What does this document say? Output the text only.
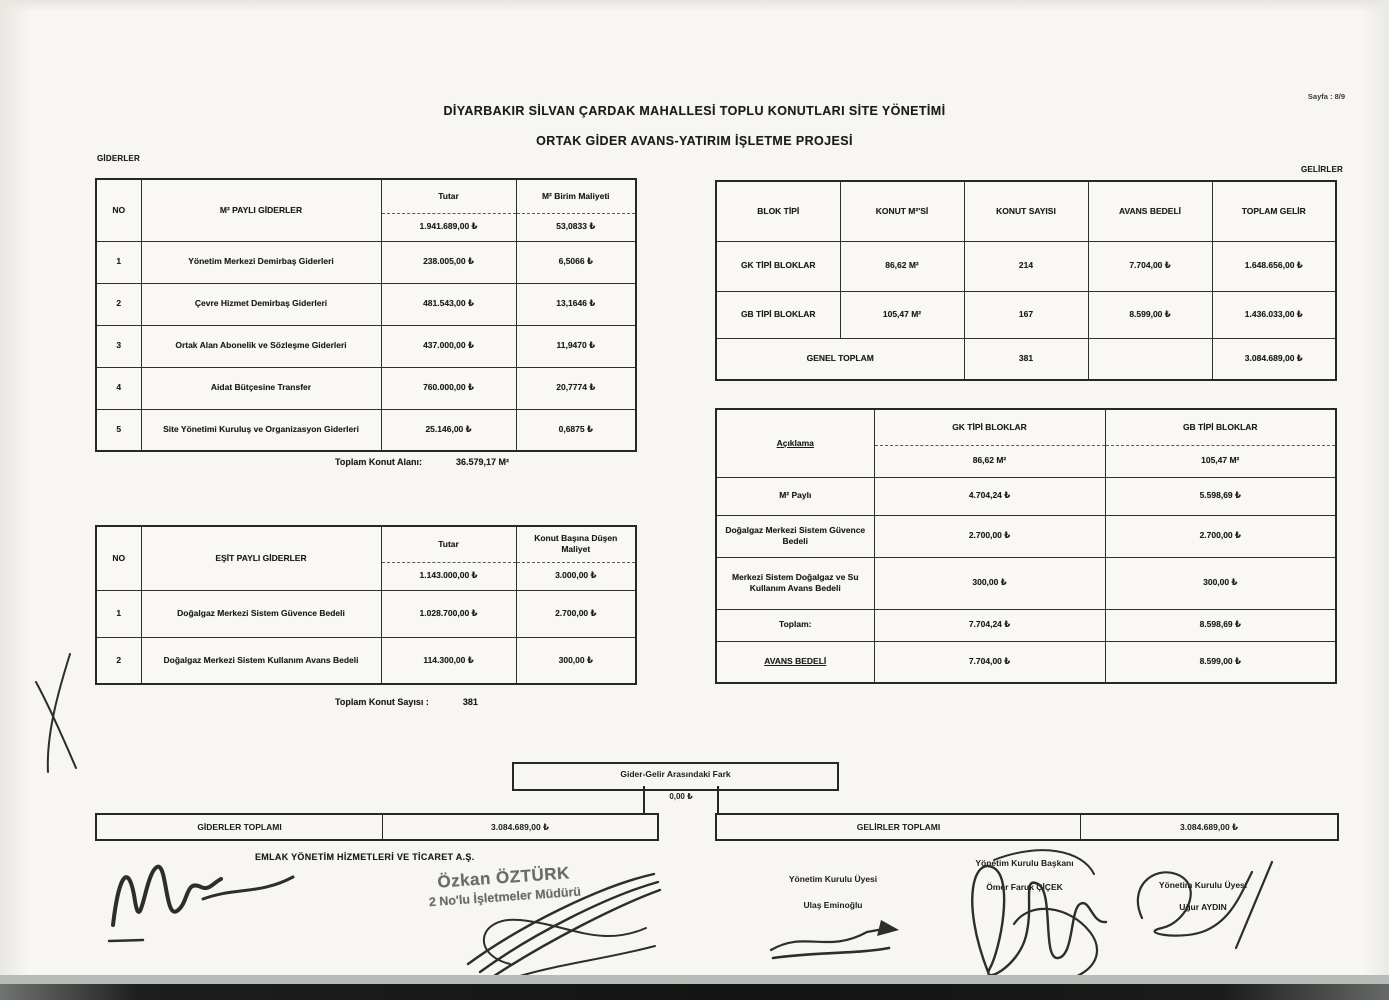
Sayfa : 8/9
DİYARBAKIR SİLVAN ÇARDAK MAHALLESİ TOPLU KONUTLARI SİTE YÖNETİMİ
ORTAK GİDER AVANS-YATIRIM İŞLETME PROJESİ
GİDERLER
GELİRLER
NO	M² PAYLI GİDERLER	Tutar	M² Birim Maliyeti
		1.941.689,00 ₺	53,0833 ₺
1	Yönetim Merkezi Demirbaş Giderleri	238.005,00 ₺	6,5066 ₺
2	Çevre Hizmet Demirbaş Giderleri	481.543,00 ₺	13,1646 ₺
3	Ortak Alan Abonelik ve Sözleşme Giderleri	437.000,00 ₺	11,9470 ₺
4	Aidat Bütçesine Transfer	760.000,00 ₺	20,7774 ₺
5	Site Yönetimi Kuruluş ve Organizasyon Giderleri	25.146,00 ₺	0,6875 ₺
Toplam Konut Alanı:	36.579,17 M²
NO	EŞİT PAYLI GİDERLER	Tutar	Konut Başına Düşen Maliyet
		1.143.000,00 ₺	3.000,00 ₺
1	Doğalgaz Merkezi Sistem Güvence Bedeli	1.028.700,00 ₺	2.700,00 ₺
2	Doğalgaz Merkezi Sistem Kullanım Avans Bedeli	114.300,00 ₺	300,00 ₺
Toplam Konut Sayısı :	381
BLOK TİPİ	KONUT M²'Sİ	KONUT SAYISI	AVANS BEDELİ	TOPLAM GELİR
GK TİPİ BLOKLAR	86,62 M²	214	7.704,00 ₺	1.648.656,00 ₺
GB TİPİ BLOKLAR	105,47 M²	167	8.599,00 ₺	1.436.033,00 ₺
GENEL TOPLAM		381		3.084.689,00 ₺
Açıklama	GK TİPİ BLOKLAR	GB TİPİ BLOKLAR
	86,62 M²	105,47 M²
M² Paylı	4.704,24 ₺	5.598,69 ₺
Doğalgaz Merkezi Sistem Güvence Bedeli	2.700,00 ₺	2.700,00 ₺
Merkezi Sistem Doğalgaz ve Su Kullanım Avans Bedeli	300,00 ₺	300,00 ₺
Toplam:	7.704,24 ₺	8.598,69 ₺
AVANS BEDELİ	7.704,00 ₺	8.599,00 ₺
Gider-Gelir Arasındaki Fark
0,00 ₺
GİDERLER TOPLAMI	3.084.689,00 ₺	GELİRLER TOPLAMI	3.084.689,00 ₺
EMLAK YÖNETİM HİZMETLERİ VE TİCARET A.Ş.
Özkan ÖZTÜRK
2 No'lu İşletmeler Müdürü
Yönetim Kurulu Üyesi
Ulaş Eminoğlu
Yönetim Kurulu Başkanı
Ömer Faruk ÇİÇEK	Yönetim Kurulu Üyesi
Uğur AYDIN
